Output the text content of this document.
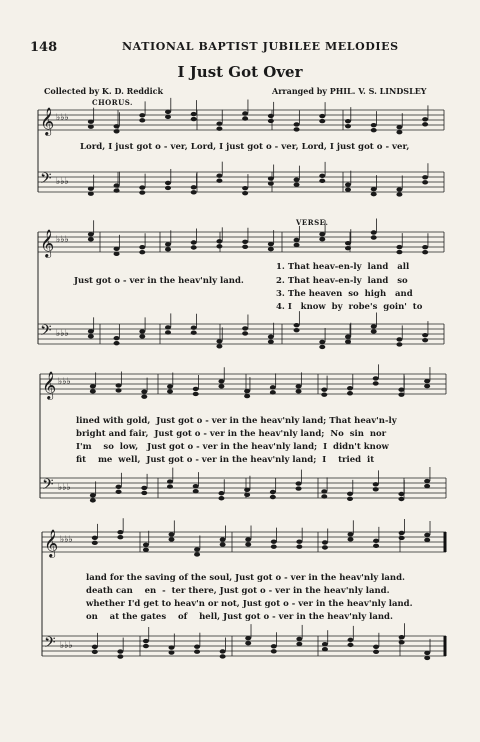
148	NATIONAL BAPTIST JUBILEE MELODIES
I Just Got Over
Collected by K. D. Reddick	Arranged by PHIL. V. S. LINDSLEY
CHORUS.
VERSE.
𝄞
𝄢
♭♭♭
♭♭♭
𝄞
𝄢
♭♭♭
♭♭♭
𝄞
𝄢
♭♭♭
♭♭♭
𝄞
𝄢
♭♭♭
♭♭♭
Lord, I just got o - ver, Lord, I just got o - ver, Lord, I just got o - ver,
Just got o - ver in the heav'nly land.
1. That heav-en-ly  land   all
2. That heav-en-ly  land   so
3. The heaven  so  high   and
4. I   know  by  robe's  goin'  to
lined with gold,  Just got o - ver in the heav'nly land; That heav'n-ly
bright and fair,  Just got o - ver in the heav'nly land;  No  sin  nor
I'm    so  low,   Just got o - ver in the heav'nly land;  I  didn't know
fit    me  well,  Just got o - ver in the heav'nly land;  I    tried  it
land for the saving of the soul, Just got o - ver in the heav'nly land.
death can    en  -  ter there, Just got o - ver in the heav'nly land.
whether I'd get to heav'n or not, Just got o - ver in the heav'nly land.
on    at the gates    of    hell, Just got o - ver in the heav'nly land.
